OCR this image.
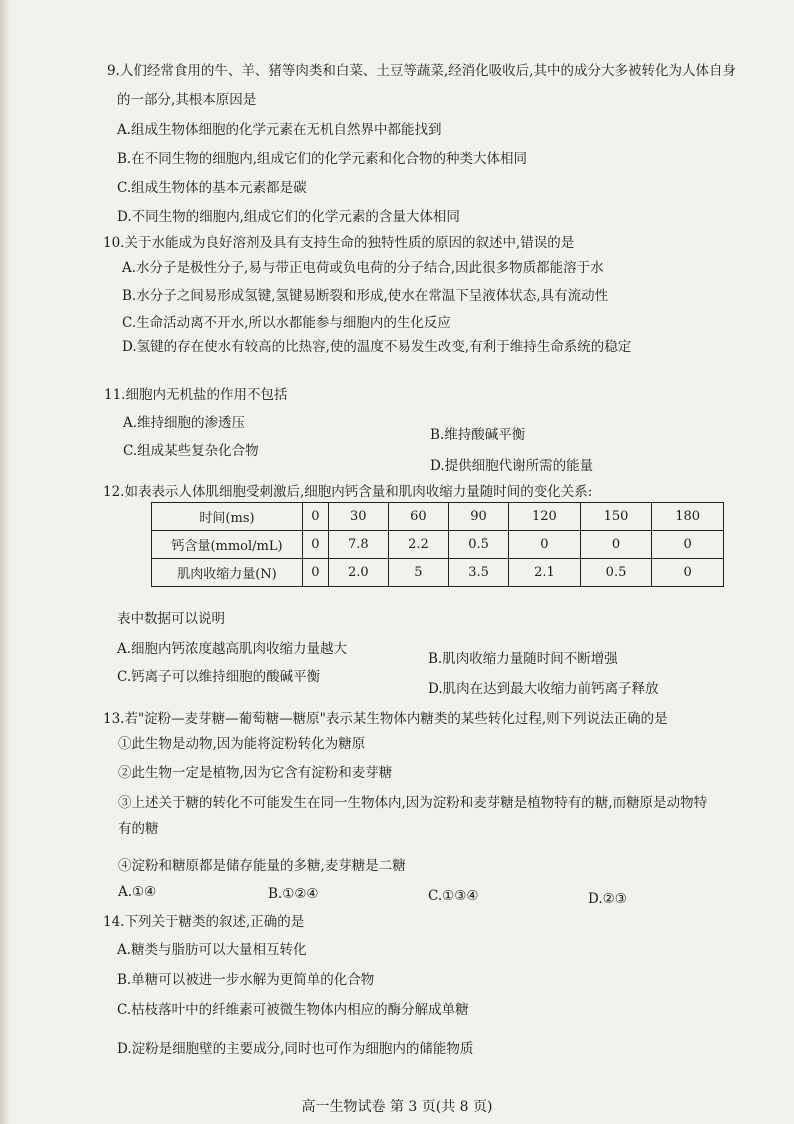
9.人们经常食用的牛、羊、猪等肉类和白菜、土豆等蔬菜,经消化吸收后,其中的成分大多被转化为人体自身
的一部分,其根本原因是
A.组成生物体细胞的化学元素在无机自然界中都能找到
B.在不同生物的细胞内,组成它们的化学元素和化合物的种类大体相同
C.组成生物体的基本元素都是碳
D.不同生物的细胞内,组成它们的化学元素的含量大体相同
10.关于水能成为良好溶剂及具有支持生命的独特性质的原因的叙述中,错误的是
A.水分子是极性分子,易与带正电荷或负电荷的分子结合,因此很多物质都能溶于水
B.水分子之间易形成氢键,氢键易断裂和形成,使水在常温下呈液体状态,具有流动性
C.生命活动离不开水,所以水都能参与细胞内的生化反应
D.氢键的存在使水有较高的比热容,使的温度不易发生改变,有利于维持生命系统的稳定
11.细胞内无机盐的作用不包括
A.维持细胞的渗透压
B.维持酸碱平衡
C.组成某些复杂化合物
D.提供细胞代谢所需的能量
12.如表表示人体肌细胞受刺激后,细胞内钙含量和肌肉收缩力量随时间的变化关系:
时间(ms)	0	30	60	90	120	150	180
钙含量(mmol/mL)	0	7.8	2.2	0.5	0	0	0
肌肉收缩力量(N)	0	2.0	5	3.5	2.1	0.5	0
表中数据可以说明
A.细胞内钙浓度越高肌肉收缩力量越大
B.肌肉收缩力量随时间不断增强
C.钙离子可以维持细胞的酸碱平衡
D.肌肉在达到最大收缩力前钙离子释放
13.若"淀粉—麦芽糖—葡萄糖—糖原"表示某生物体内糖类的某些转化过程,则下列说法正确的是
①此生物是动物,因为能将淀粉转化为糖原
②此生物一定是植物,因为它含有淀粉和麦芽糖
③上述关于糖的转化不可能发生在同一生物体内,因为淀粉和麦芽糖是植物特有的糖,而糖原是动物特
有的糖
④淀粉和糖原都是储存能量的多糖,麦芽糖是二糖
A.①④	B.①②④	C.①③④	D.②③
14.下列关于糖类的叙述,正确的是
A.糖类与脂肪可以大量相互转化
B.单糖可以被进一步水解为更简单的化合物
C.枯枝落叶中的纤维素可被微生物体内相应的酶分解成单糖
D.淀粉是细胞壁的主要成分,同时也可作为细胞内的储能物质
高一生物试卷 第 3 页(共 8 页)
